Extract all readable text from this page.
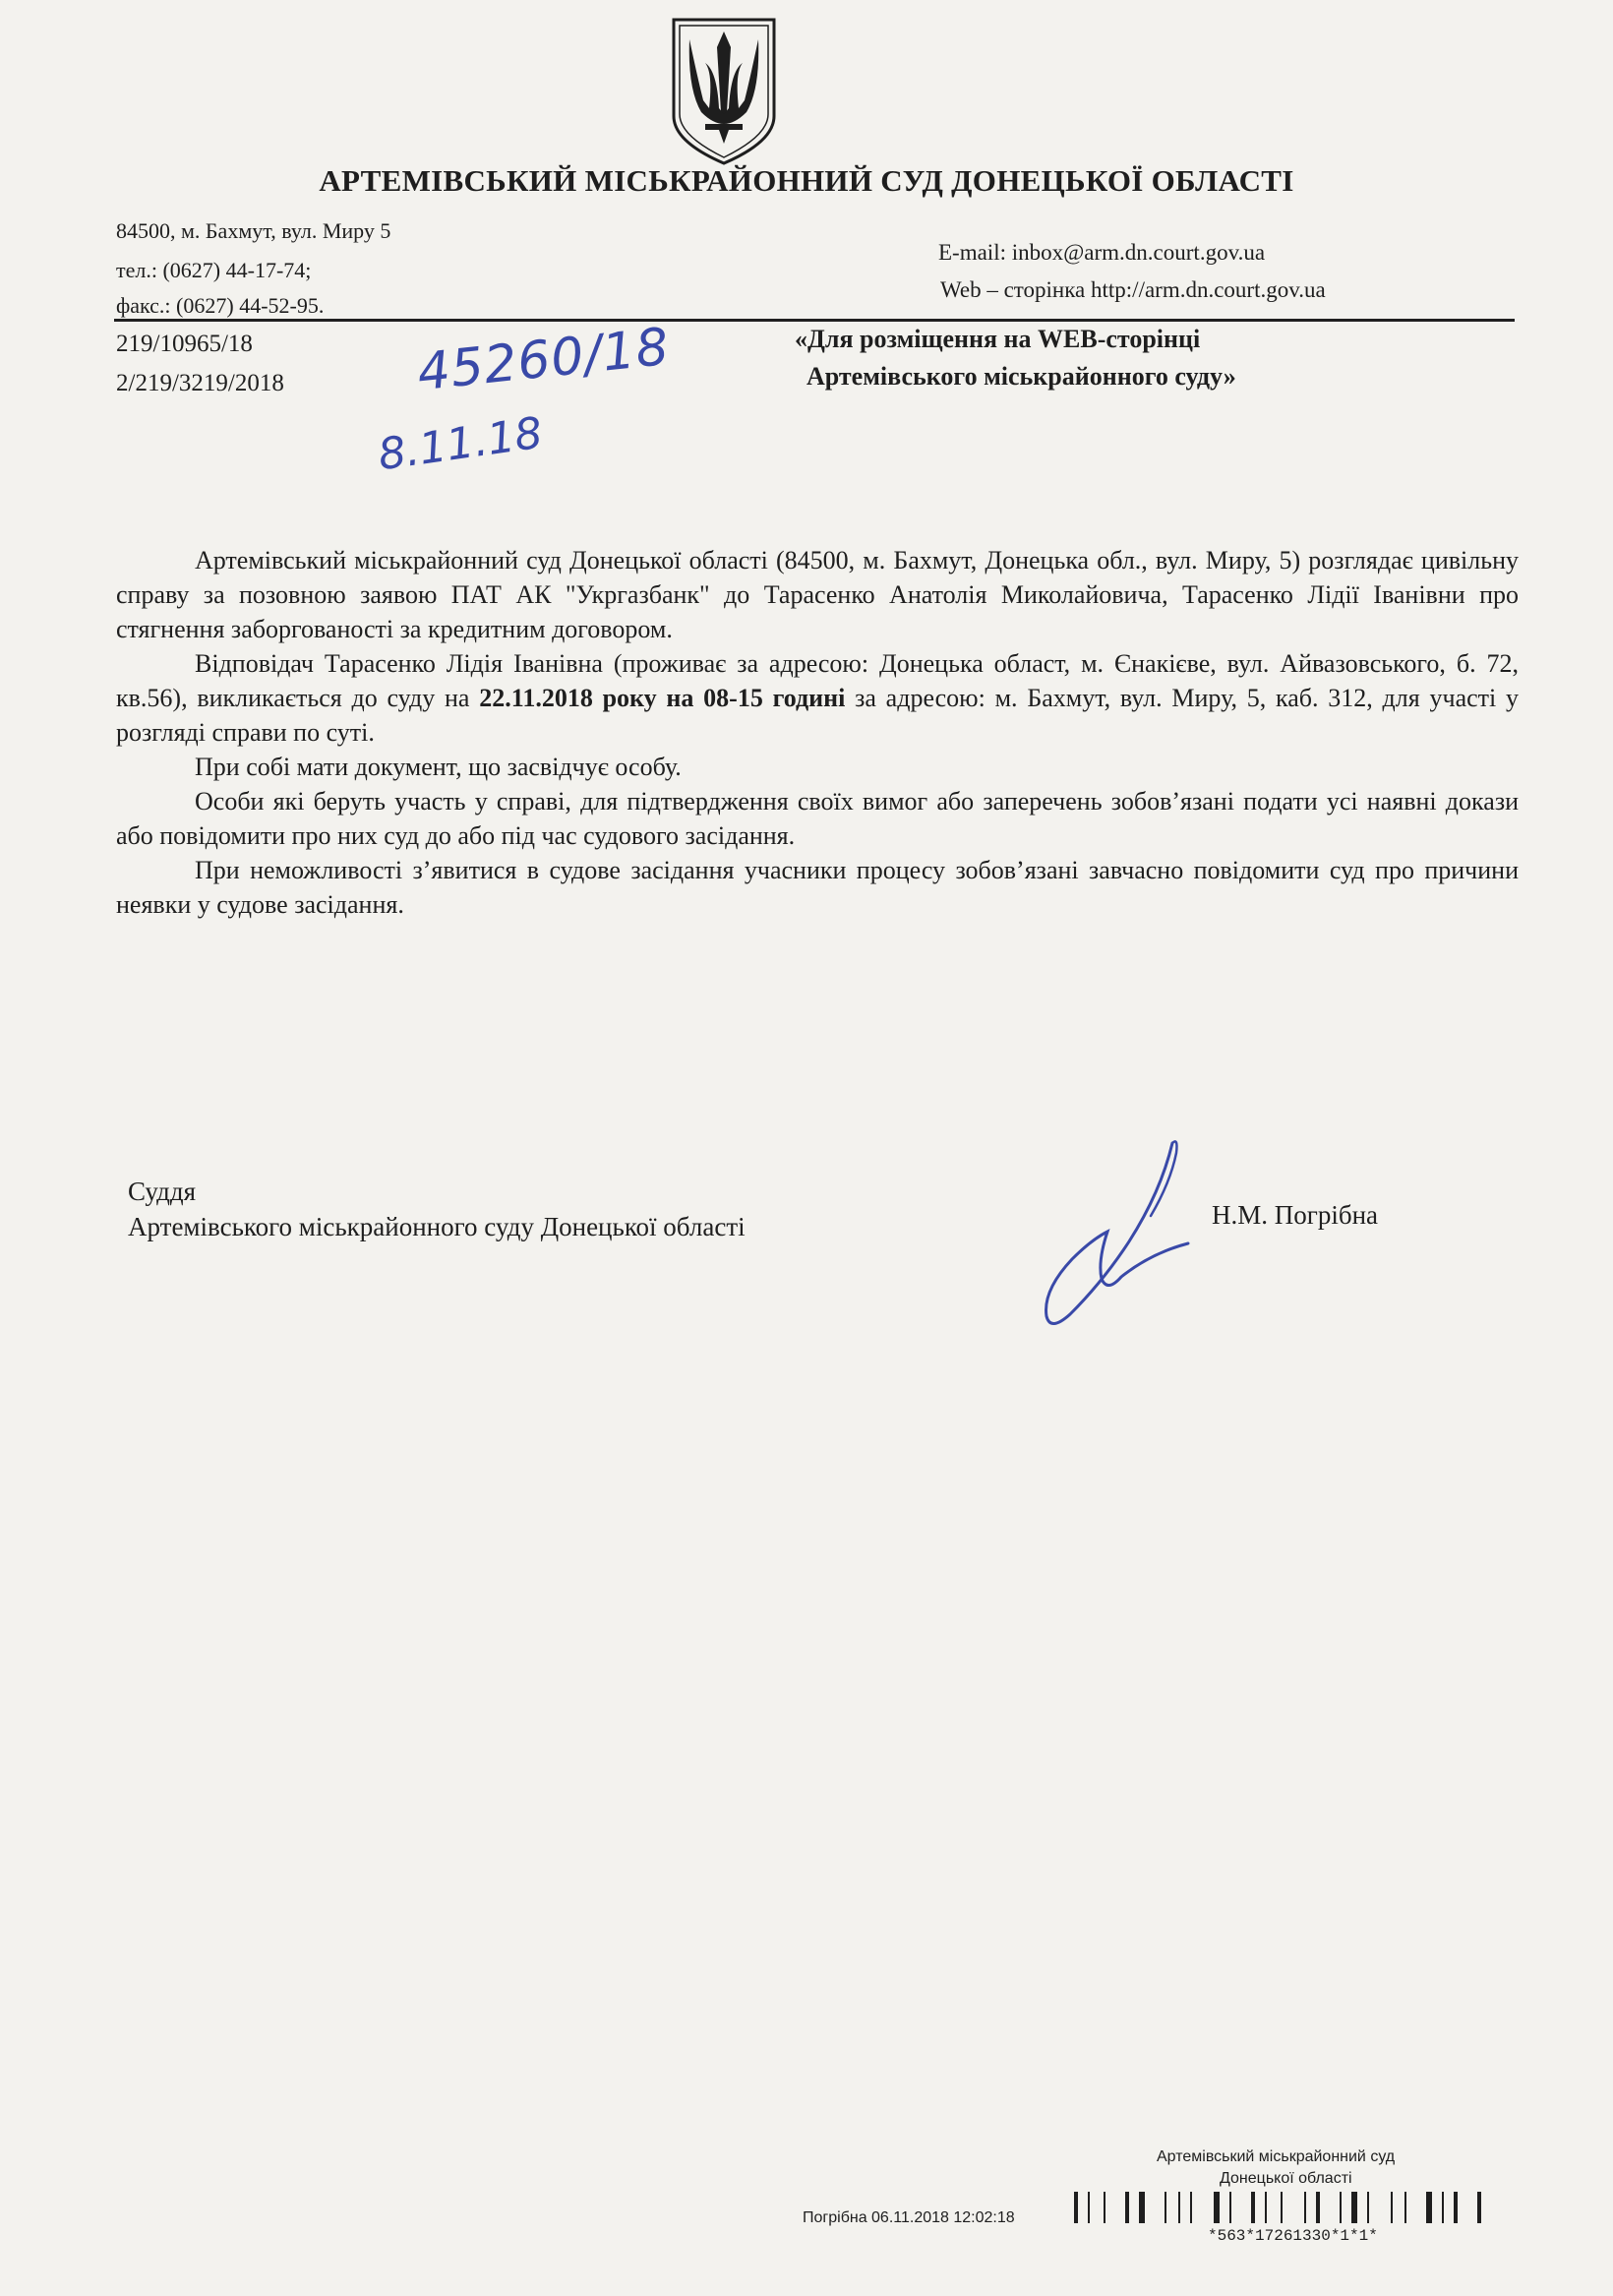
АРТЕМІВСЬКИЙ МІСЬКРАЙОННИЙ СУД ДОНЕЦЬКОЇ ОБЛАСТІ
84500, м. Бахмут, вул. Миру 5
тел.: (0627) 44-17-74;
факс.: (0627) 44-52-95.
E-mail: inbox@arm.dn.court.gov.ua
Web – сторінка http://arm.dn.court.gov.ua
219/10965/18
2/219/3219/2018	45260/18
8.11.18
«Для розміщення на WEB-сторінці
Артемівського міськрайонного суду»

Артемівський міськрайонний суд Донецької області (84500, м. Бахмут, Донецька обл., вул. Миру, 5) розглядає цивільну справу за позовною заявою ПАТ АК "Укргазбанк" до Тарасенко Анатолія Миколайовича, Тарасенко Лідії Іванівни про стягнення заборгованості за кредитним договором.

Відповідач Тарасенко Лідія Іванівна (проживає за адресою: Донецька област, м. Єнакієве, вул. Айвазовського, б. 72, кв.56), викликається до суду на 22.11.2018 року на 08-15 годині за адресою: м. Бахмут, вул. Миру, 5, каб. 312, для участі у розгляді справи по суті.

При собі мати документ, що засвідчує особу.

Особи які беруть участь у справі, для підтвердження своїх вимог або заперечень зобов’язані подати усі наявні докази або повідомити про них суд до або під час судового засідання.

При неможливості з’явитися в судове засідання учасники процесу зобов’язані завчасно повідомити суд про причини неявки у судове засідання.

Суддя
Артемівського міськрайонного суду Донецької області	Н.М. Погрібна
Артемівський міськрайонний суд
Донецької області
Погрібна 06.11.2018 12:02:18
*563*17261330*1*1*
